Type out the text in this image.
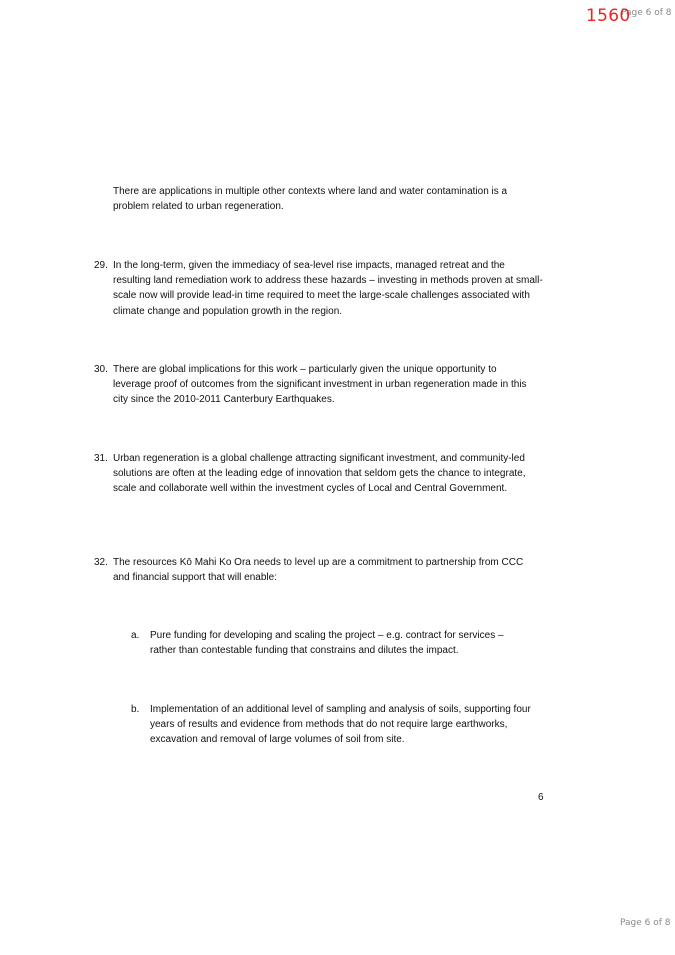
Page 6 of 8
1560

There are applications in multiple other contexts where land and water contamination is a problem related to urban regeneration.

29. In the long-term, given the immediacy of sea-level rise impacts, managed retreat and the resulting land remediation work to address these hazards – investing in methods proven at small-scale now will provide lead-in time required to meet the large-scale challenges associated with climate change and population growth in the region.

30. There are global implications for this work – particularly given the unique opportunity to leverage proof of outcomes from the significant investment in urban regeneration made in this city since the 2010-2011 Canterbury Earthquakes.

31. Urban regeneration is a global challenge attracting significant investment, and community-led solutions are often at the leading edge of innovation that seldom gets the chance to integrate, scale and collaborate well within the investment cycles of Local and Central Government.

32. The resources Kō Mahi Ko Ora needs to level up are a commitment to partnership from CCC and financial support that will enable:

a. Pure funding for developing and scaling the project – e.g. contract for services – rather than contestable funding that constrains and dilutes the impact.

b. Implementation of an additional level of sampling and analysis of soils, supporting four years of results and evidence from methods that do not require large earthworks, excavation and removal of large volumes of soil from site.

6
Page 6 of 8
